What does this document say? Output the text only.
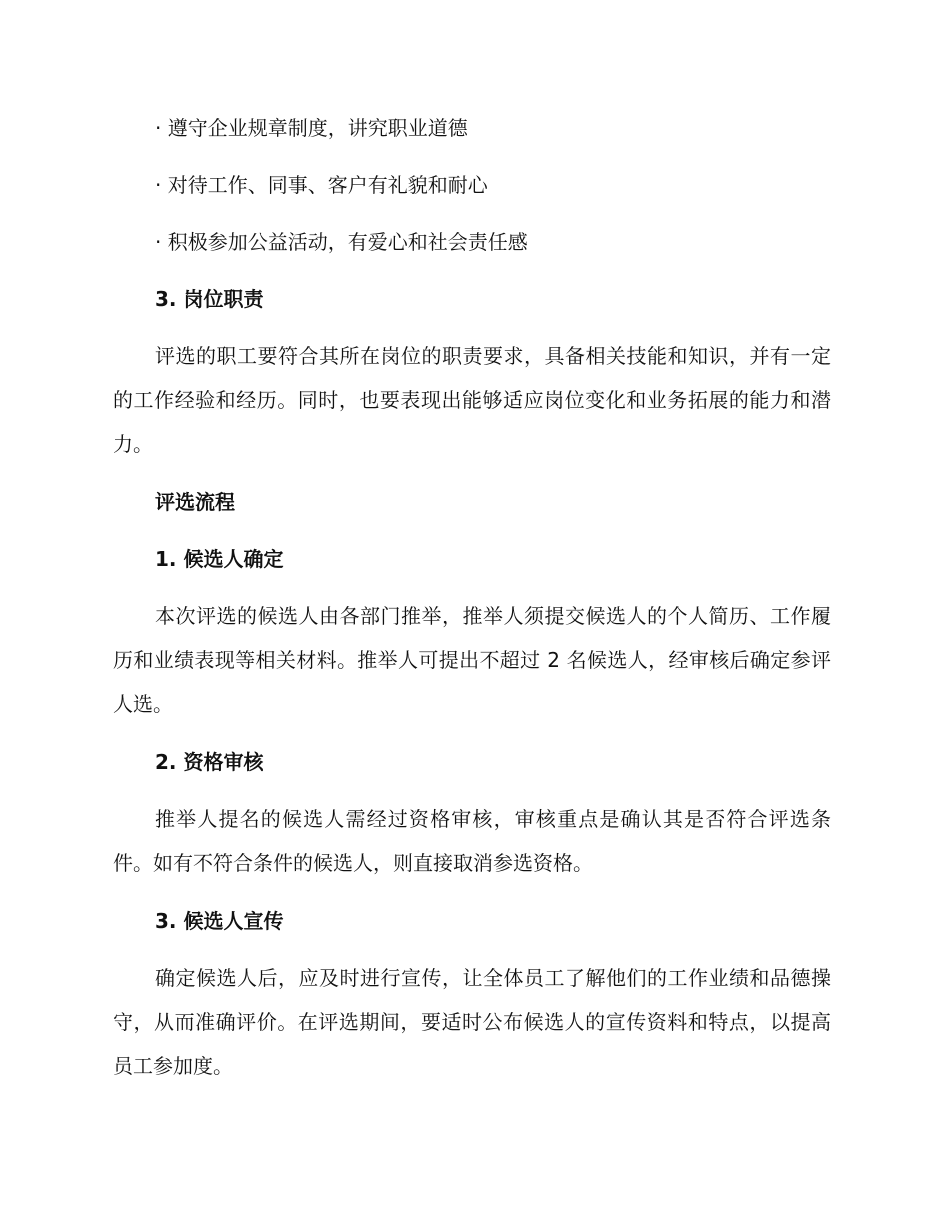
· 遵守企业规章制度，讲究职业道德
· 对待工作、同事、客户有礼貌和耐心
· 积极参加公益活动，有爱心和社会责任感
3. 岗位职责

评选的职工要符合其所在岗位的职责要求，具备相关技能和知识，并有一定的工作经验和经历。同时，也要表现出能够适应岗位变化和业务拓展的能力和潜力。

评选流程
1. 候选人确定

本次评选的候选人由各部门推举，推举人须提交候选人的个人简历、工作履历和业绩表现等相关材料。推举人可提出不超过 2 名候选人，经审核后确定参评人选。

2. 资格审核

推举人提名的候选人需经过资格审核，审核重点是确认其是否符合评选条件。如有不符合条件的候选人，则直接取消参选资格。

3. 候选人宣传

确定候选人后，应及时进行宣传，让全体员工了解他们的工作业绩和品德操守，从而准确评价。在评选期间，要适时公布候选人的宣传资料和特点，以提高员工参加度。
